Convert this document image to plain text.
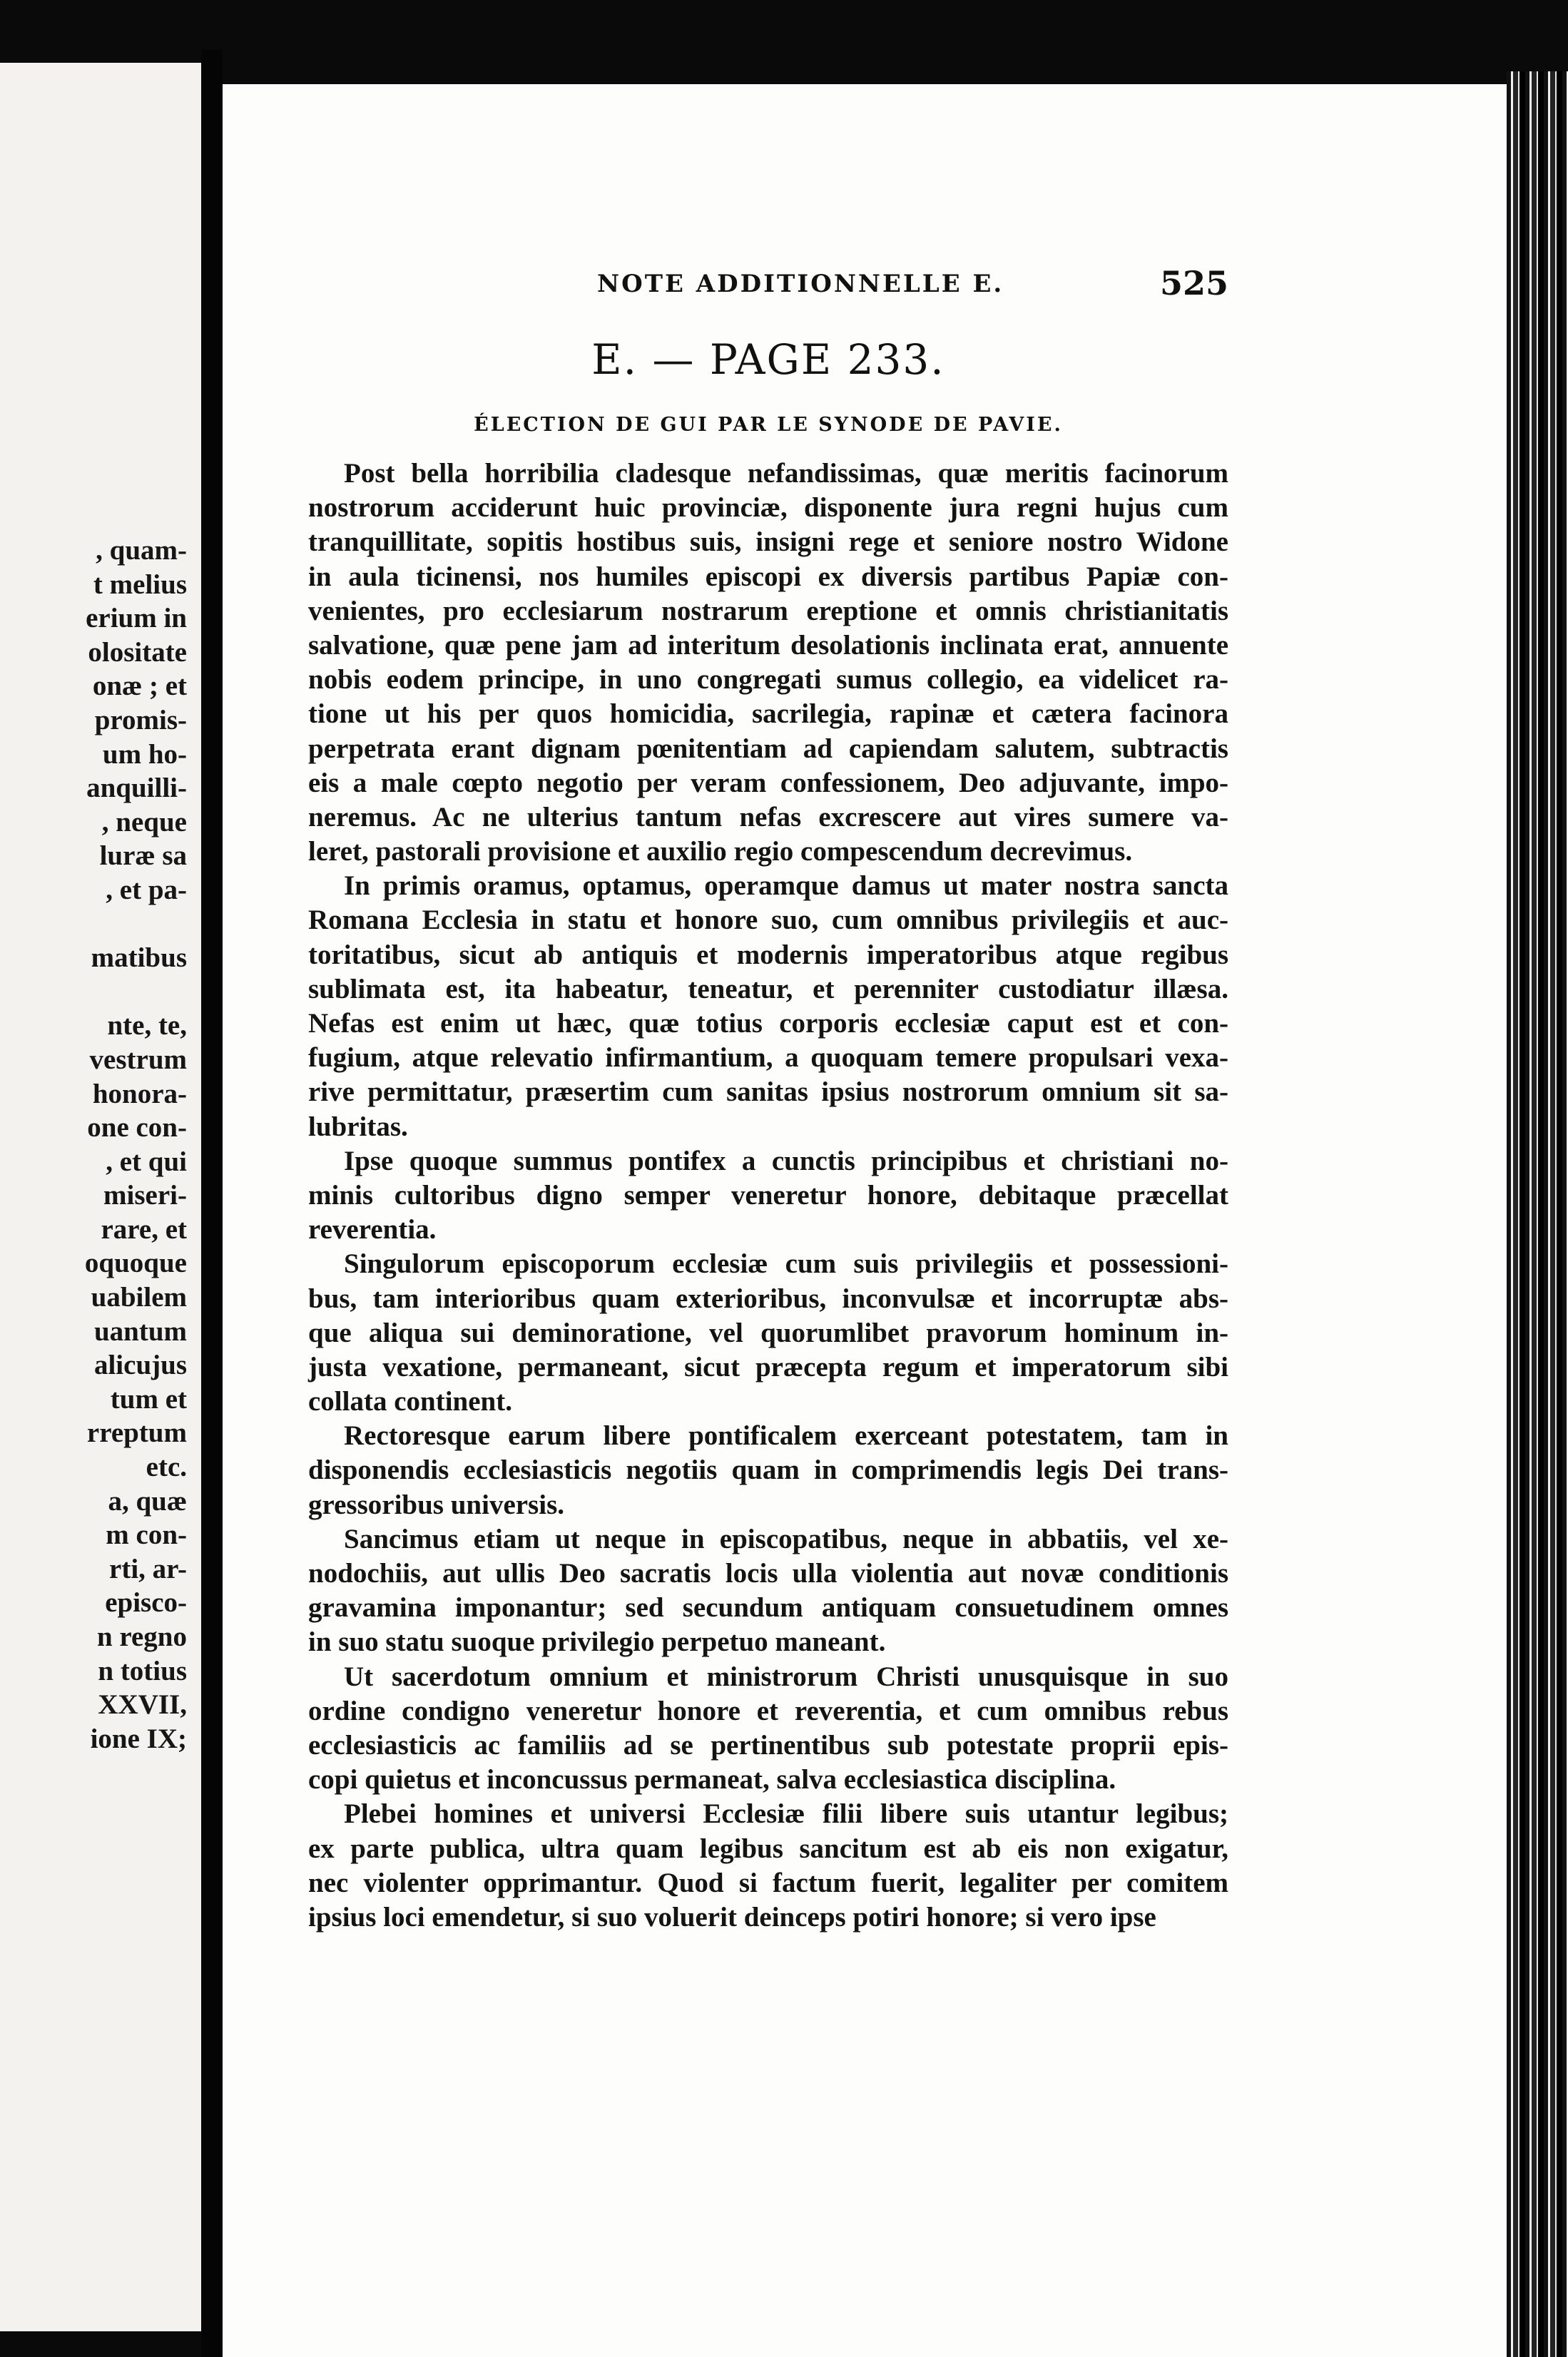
, quam-
t melius
erium in
olositate
onæ ; et
promis-
um ho-
anquilli-
, neque
luræ sa
, et pa-
matibus
nte, te,
vestrum
honora-
one con-
, et qui
miseri-
rare, et
oquoque
uabilem
uantum
alicujus
tum et
rreptum
etc.
a, quæ
m con-
rti, ar-
episco-
n regno
n totius
XXVII,
ione IX;
NOTE ADDITIONNELLE E.	525
E. — PAGE 233.
ÉLECTION DE GUI PAR LE SYNODE DE PAVIE.
Post bella horribilia cladesque nefandissimas, quæ meritis facinorum
nostrorum acciderunt huic provinciæ, disponente jura regni hujus cum
tranquillitate, sopitis hostibus suis, insigni rege et seniore nostro Widone
in aula ticinensi, nos humiles episcopi ex diversis partibus Papiæ con-
venientes, pro ecclesiarum nostrarum ereptione et omnis christianitatis
salvatione, quæ pene jam ad interitum desolationis inclinata erat, annuente
nobis eodem principe, in uno congregati sumus collegio, ea videlicet ra-
tione ut his per quos homicidia, sacrilegia, rapinæ et cætera facinora
perpetrata erant dignam pœnitentiam ad capiendam salutem, subtractis
eis a male cœpto negotio per veram confessionem, Deo adjuvante, impo-
neremus. Ac ne ulterius tantum nefas excrescere aut vires sumere va-
leret, pastorali provisione et auxilio regio compescendum decrevimus.
In primis oramus, optamus, operamque damus ut mater nostra sancta
Romana Ecclesia in statu et honore suo, cum omnibus privilegiis et auc-
toritatibus, sicut ab antiquis et modernis imperatoribus atque regibus
sublimata est, ita habeatur, teneatur, et perenniter custodiatur illæsa.
Nefas est enim ut hæc, quæ totius corporis ecclesiæ caput est et con-
fugium, atque relevatio infirmantium, a quoquam temere propulsari vexa-
rive permittatur, præsertim cum sanitas ipsius nostrorum omnium sit sa-
lubritas.
Ipse quoque summus pontifex a cunctis principibus et christiani no-
minis cultoribus digno semper veneretur honore, debitaque præcellat
reverentia.
Singulorum episcoporum ecclesiæ cum suis privilegiis et possessioni-
bus, tam interioribus quam exterioribus, inconvulsæ et incorruptæ abs-
que aliqua sui deminoratione, vel quorumlibet pravorum hominum in-
justa vexatione, permaneant, sicut præcepta regum et imperatorum sibi
collata continent.
Rectoresque earum libere pontificalem exerceant potestatem, tam in
disponendis ecclesiasticis negotiis quam in comprimendis legis Dei trans-
gressoribus universis.
Sancimus etiam ut neque in episcopatibus, neque in abbatiis, vel xe-
nodochiis, aut ullis Deo sacratis locis ulla violentia aut novæ conditionis
gravamina imponantur; sed secundum antiquam consuetudinem omnes
in suo statu suoque privilegio perpetuo maneant.
Ut sacerdotum omnium et ministrorum Christi unusquisque in suo
ordine condigno veneretur honore et reverentia, et cum omnibus rebus
ecclesiasticis ac familiis ad se pertinentibus sub potestate proprii epis-
copi quietus et inconcussus permaneat, salva ecclesiastica disciplina.
Plebei homines et universi Ecclesiæ filii libere suis utantur legibus;
ex parte publica, ultra quam legibus sancitum est ab eis non exigatur,
nec violenter opprimantur. Quod si factum fuerit, legaliter per comitem
ipsius loci emendetur, si suo voluerit deinceps potiri honore; si vero ipse
